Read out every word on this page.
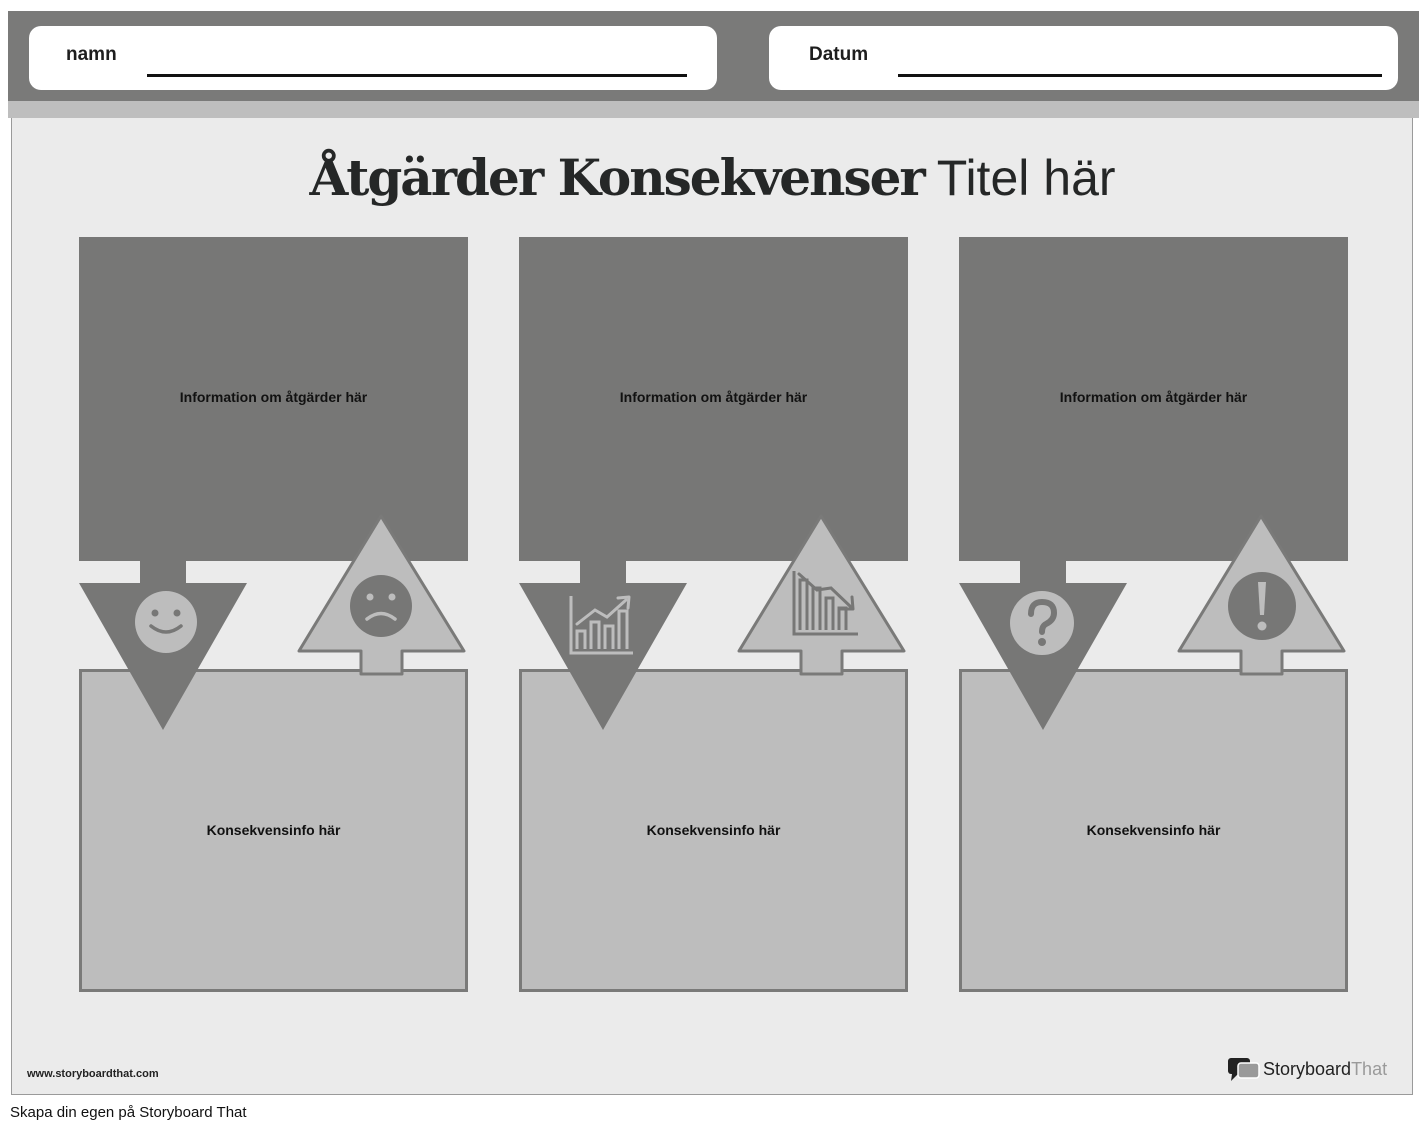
namn	Datum
Åtgärder Konsekvenser Titel här
Information om åtgärder här
Konsekvensinfo här
Information om åtgärder här
Konsekvensinfo här
Information om åtgärder här
Konsekvensinfo här
www.storyboardthat.com	Storyboard That
Skapa din egen på Storyboard That
